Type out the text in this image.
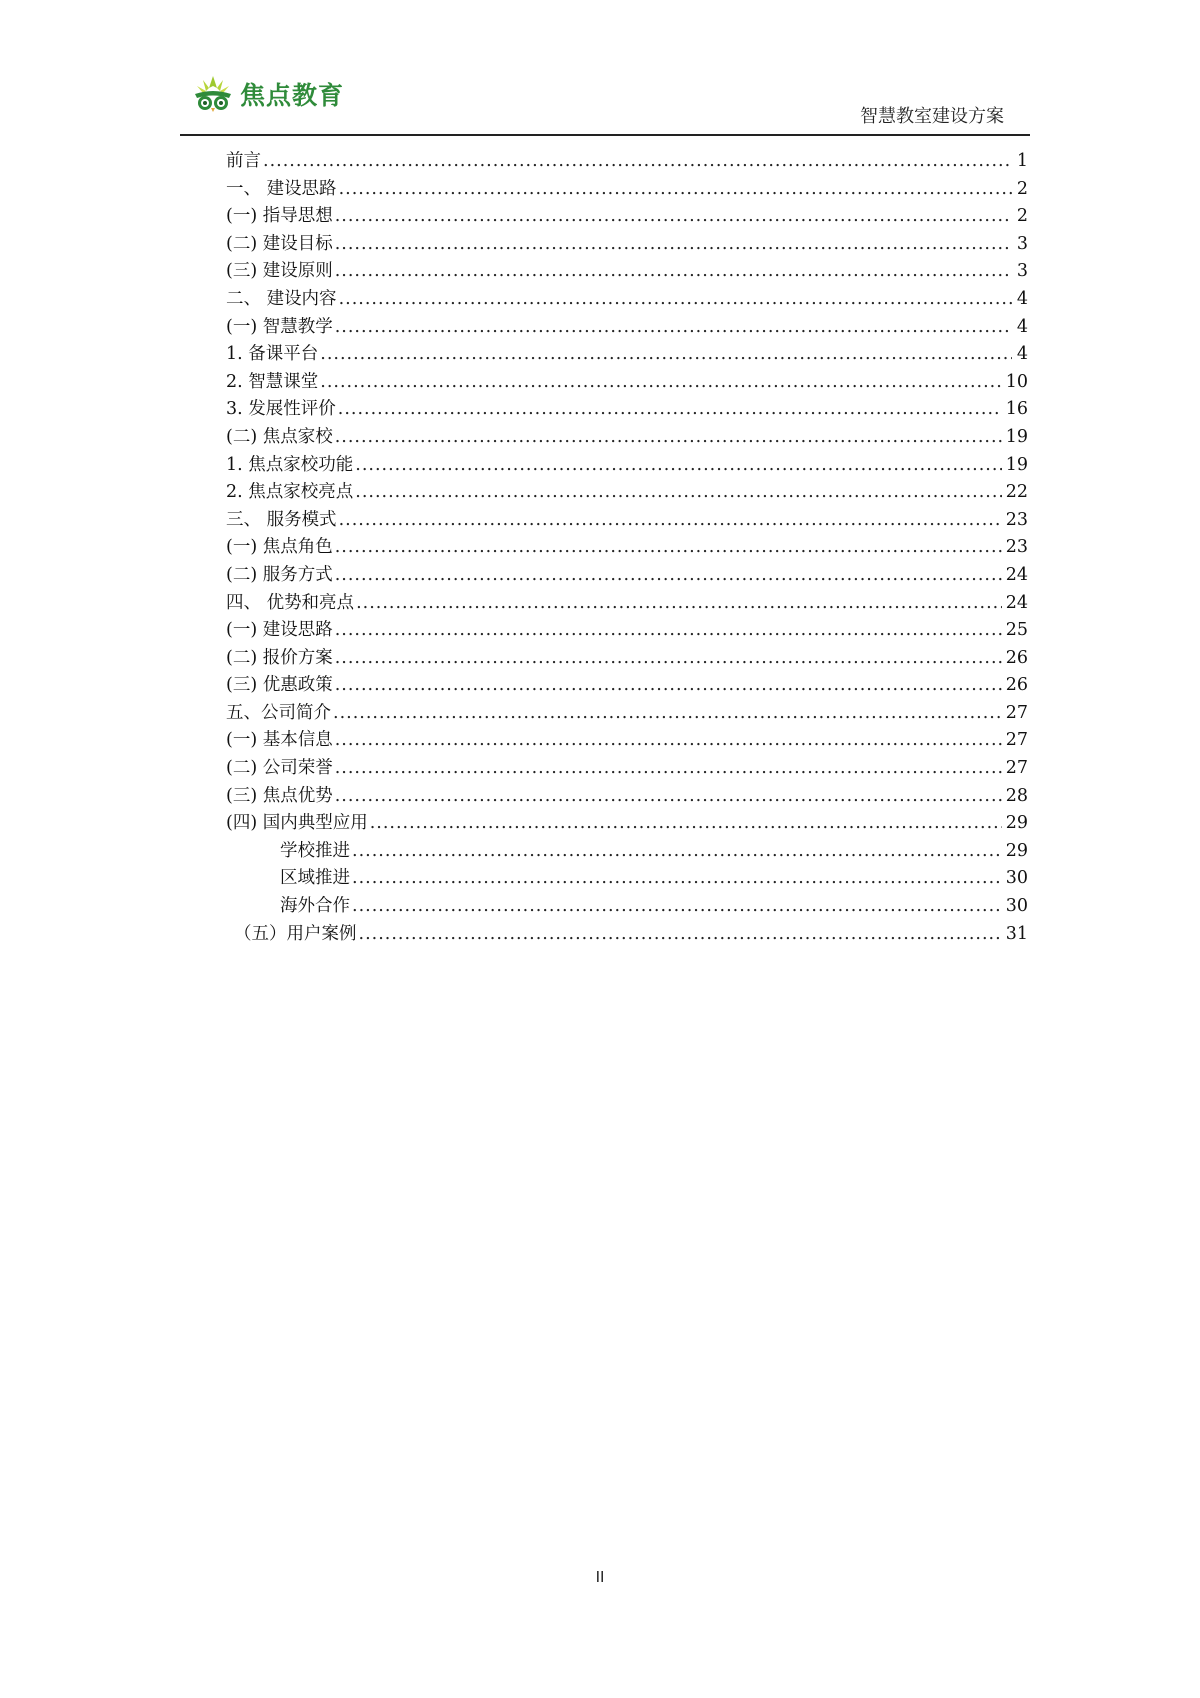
焦点教育
智慧教室建设方案
前言 .....	1
一、 建设思路 .....	2
(一) 指导思想 .....	2
(二) 建设目标 .....	3
(三) 建设原则 .....	3
二、 建设内容 .....	4
(一) 智慧教学 .....	4
1. 备课平台 .....	4
2. 智慧课堂 .....	10
3. 发展性评价 .....	16
(二) 焦点家校 .....	19
1. 焦点家校功能 .....	19
2. 焦点家校亮点 .....	22
三、 服务模式 .....	23
(一) 焦点角色 .....	23
(二) 服务方式 .....	24
四、 优势和亮点 .....	24
(一) 建设思路 .....	25
(二) 报价方案 .....	26
(三) 优惠政策 .....	26
五、公司简介 .....	27
(一) 基本信息 .....	27
(二) 公司荣誉 .....	27
(三) 焦点优势 .....	28
(四) 国内典型应用 .....	29
学校推进 .....	29
区域推进 .....	30
海外合作 .....	30
（五）用户案例 .....	31
II
